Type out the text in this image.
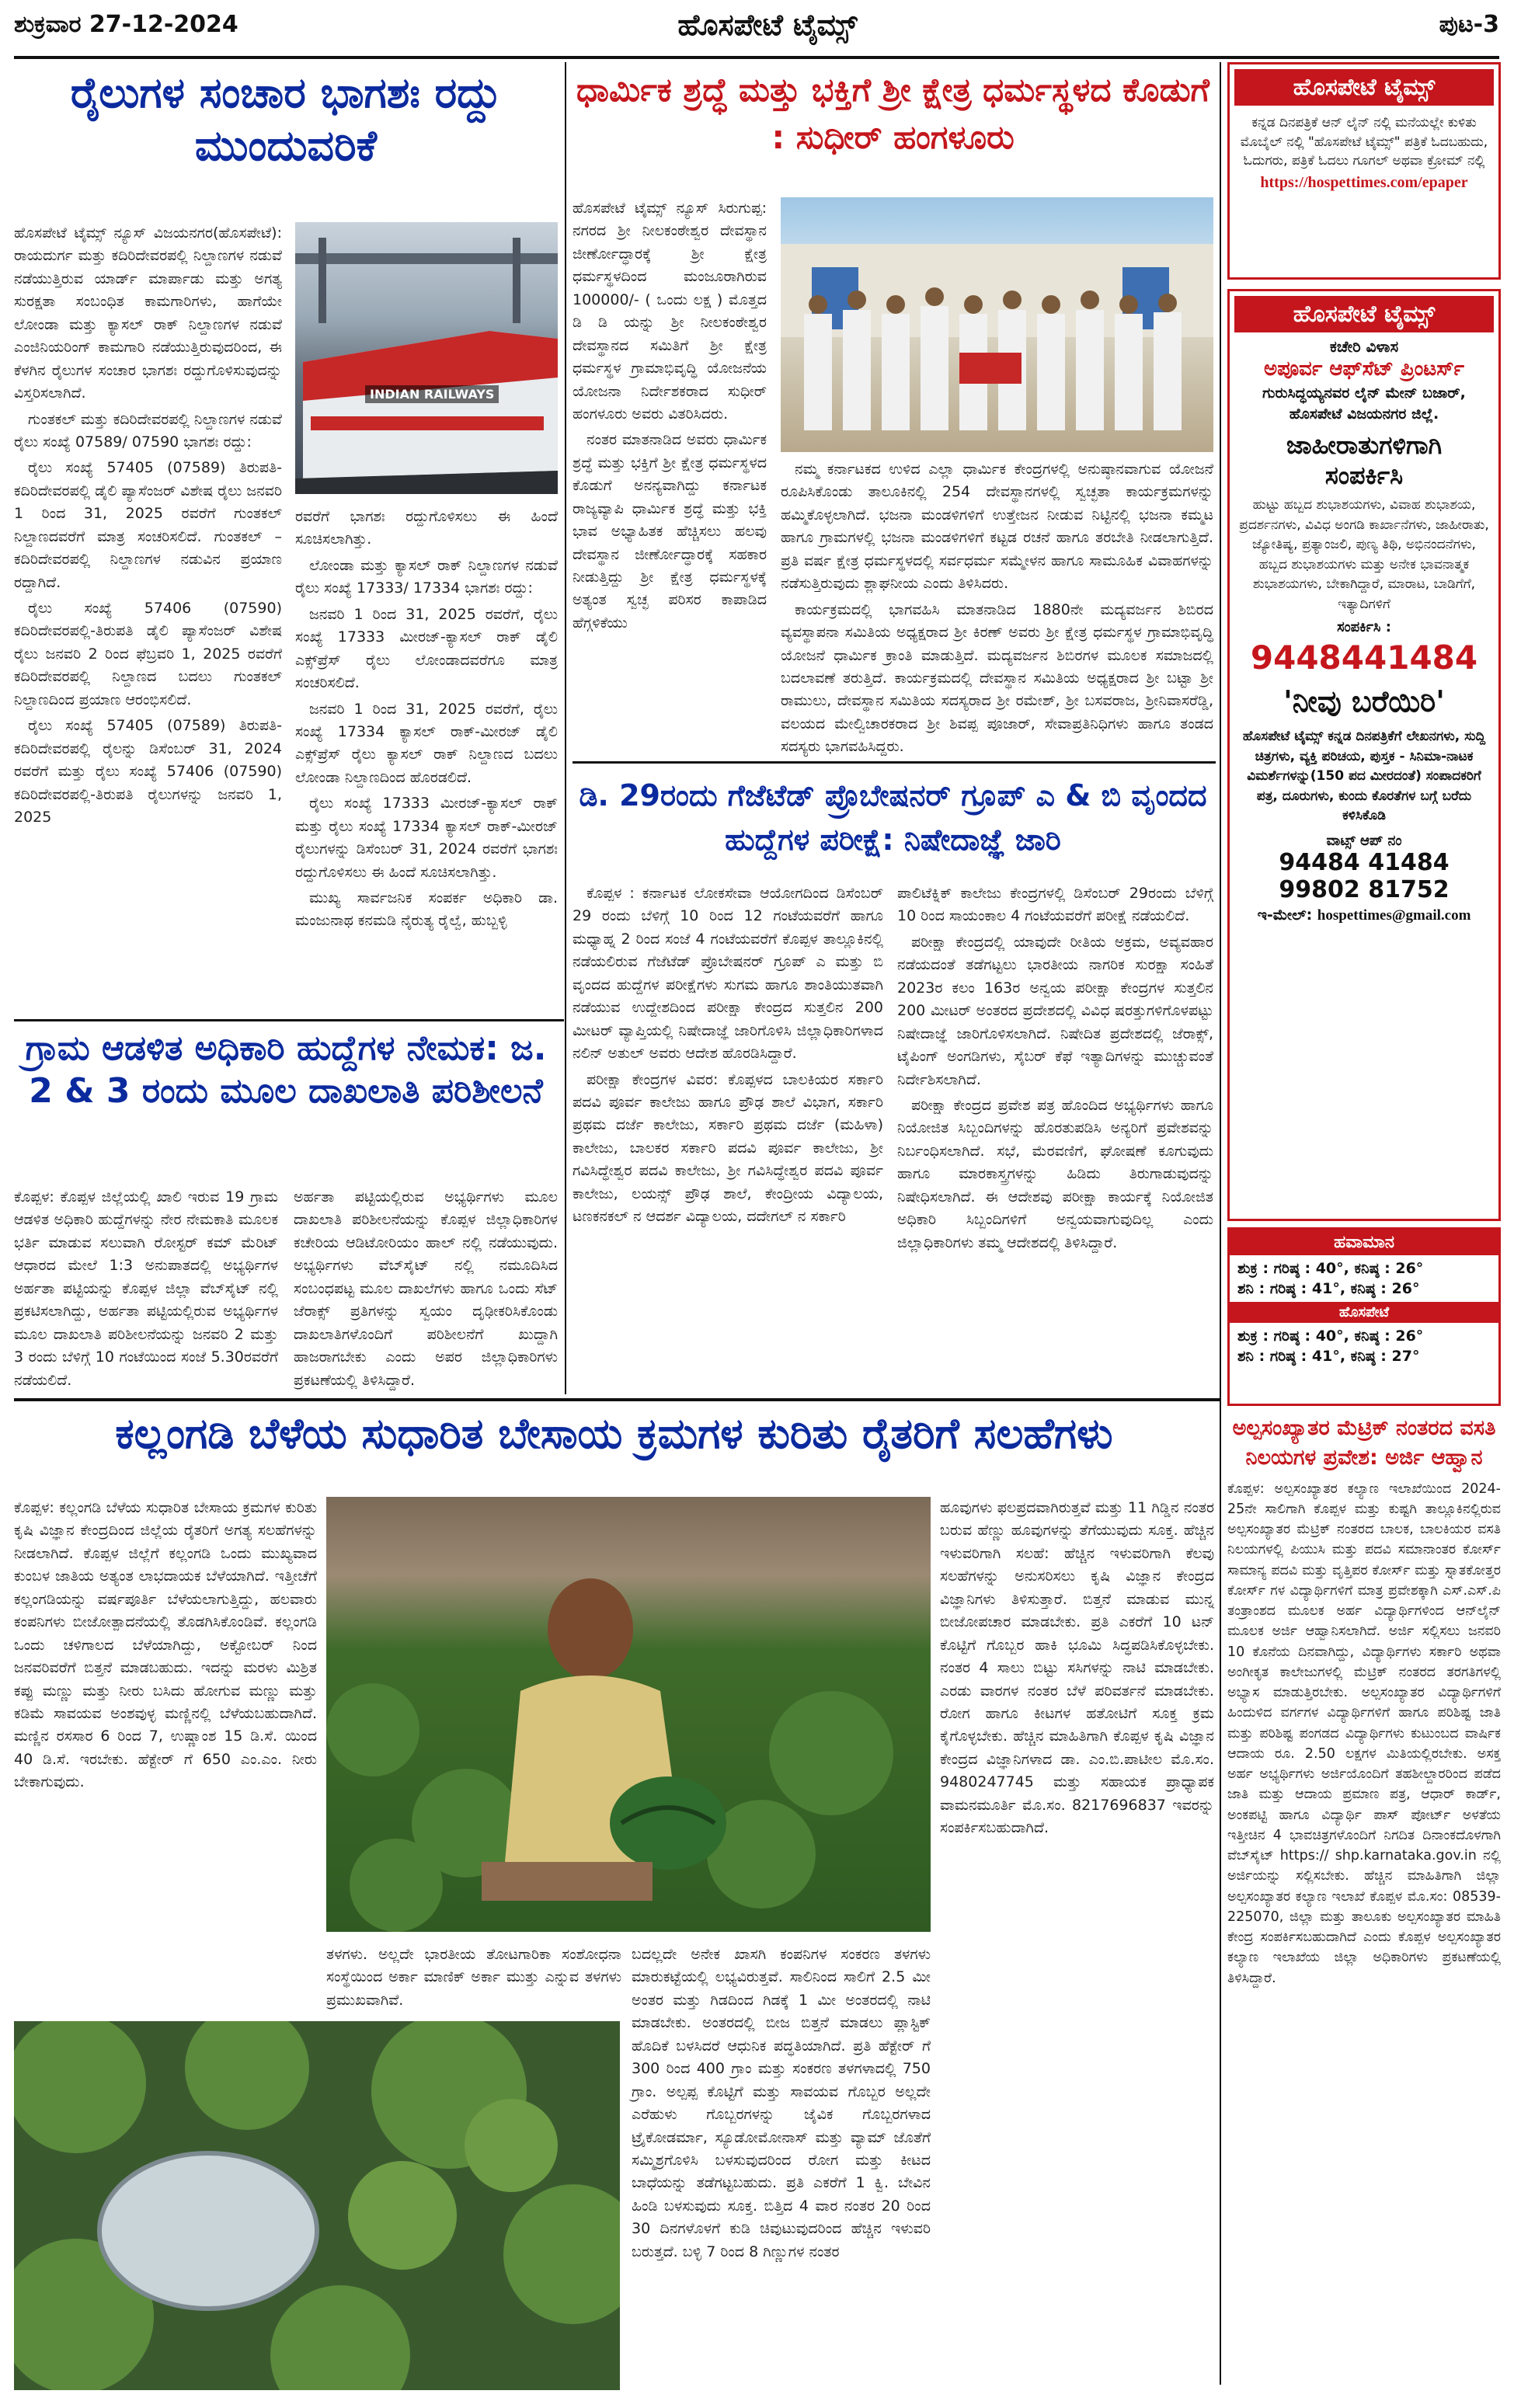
ಶುಕ್ರವಾರ 27-12-2024	ಹೊಸಪೇಟೆ ಟೈಮ್ಸ್	ಪುಟ-3
ರೈಲುಗಳ ಸಂಚಾರ ಭಾಗಶಃ ರದ್ದು ಮುಂದುವರಿಕೆ

ಹೊಸಪೇಟೆ ಟೈಮ್ಸ್ ನ್ಯೂಸ್ ವಿಜಯನಗರ(ಹೊಸಪೇಟೆ): ರಾಯದುರ್ಗ ಮತ್ತು ಕದಿರಿದೇವರಪಲ್ಲಿ ನಿಲ್ದಾಣಗಳ ನಡುವೆ ನಡೆಯುತ್ತಿರುವ ಯಾರ್ಡ್ ಮಾರ್ಪಾಡು ಮತ್ತು ಅಗತ್ಯ ಸುರಕ್ಷತಾ ಸಂಬಂಧಿತ ಕಾಮಗಾರಿಗಳು, ಹಾಗೆಯೇ ಲೋಂಡಾ ಮತ್ತು ಕ್ಯಾಸಲ್ ರಾಕ್ ನಿಲ್ದಾಣಗಳ ನಡುವೆ ಎಂಜಿನಿಯರಿಂಗ್ ಕಾಮಗಾರಿ ನಡೆಯುತ್ತಿರುವುದರಿಂದ, ಈ ಕೆಳಗಿನ ರೈಲುಗಳ ಸಂಚಾರ ಭಾಗಶಃ ರದ್ದುಗೊಳಿಸುವುದನ್ನು ವಿಸ್ತರಿಸಲಾಗಿದೆ.

ಗುಂತಕಲ್ ಮತ್ತು ಕದಿರಿದೇವರಪಲ್ಲಿ ನಿಲ್ದಾಣಗಳ ನಡುವೆ ರೈಲು ಸಂಖ್ಯೆ 07589/ 07590 ಭಾಗಶಃ ರದ್ದು:

ರೈಲು ಸಂಖ್ಯೆ 57405 (07589) ತಿರುಪತಿ-ಕದಿರಿದೇವರಪಲ್ಲಿ ಡೈಲಿ ಪ್ಯಾಸೆಂಜರ್ ವಿಶೇಷ ರೈಲು ಜನವರಿ 1 ರಿಂದ 31, 2025 ರವರೆಗೆ ಗುಂತಕಲ್ ನಿಲ್ದಾಣದವರೆಗೆ ಮಾತ್ರ ಸಂಚರಿಸಲಿದೆ. ಗುಂತಕಲ್ – ಕದಿರಿದೇವರಪಲ್ಲಿ ನಿಲ್ದಾಣಗಳ ನಡುವಿನ ಪ್ರಯಾಣ ರದ್ದಾಗಿದೆ.

ರೈಲು ಸಂಖ್ಯೆ 57406 (07590) ಕದಿರಿದೇವರಪಲ್ಲಿ-ತಿರುಪತಿ ಡೈಲಿ ಪ್ಯಾಸೆಂಜರ್ ವಿಶೇಷ ರೈಲು ಜನವರಿ 2 ರಿಂದ ಫೆಬ್ರವರಿ 1, 2025 ರವರೆಗೆ ಕದಿರಿದೇವರಪಲ್ಲಿ ನಿಲ್ದಾಣದ ಬದಲು ಗುಂತಕಲ್ ನಿಲ್ದಾಣದಿಂದ ಪ್ರಯಾಣ ಆರಂಭಿಸಲಿದೆ.

ರೈಲು ಸಂಖ್ಯೆ 57405 (07589) ತಿರುಪತಿ-ಕದಿರಿದೇವರಪಲ್ಲಿ ರೈಲನ್ನು ಡಿಸೆಂಬರ್ 31, 2024 ರವರೆಗೆ ಮತ್ತು ರೈಲು ಸಂಖ್ಯೆ 57406 (07590) ಕದಿರಿದೇವರಪಲ್ಲಿ-ತಿರುಪತಿ ರೈಲುಗಳನ್ನು ಜನವರಿ 1, 2025

INDIAN RAILWAYS

ರವರೆಗೆ ಭಾಗಶಃ ರದ್ದುಗೊಳಿಸಲು ಈ ಹಿಂದೆ ಸೂಚಿಸಲಾಗಿತ್ತು.

ಲೋಂಡಾ ಮತ್ತು ಕ್ಯಾಸಲ್ ರಾಕ್ ನಿಲ್ದಾಣಗಳ ನಡುವೆ ರೈಲು ಸಂಖ್ಯೆ 17333/ 17334 ಭಾಗಶಃ ರದ್ದು:

ಜನವರಿ 1 ರಿಂದ 31, 2025 ರವರೆಗೆ, ರೈಲು ಸಂಖ್ಯೆ 17333 ಮೀರಜ್-ಕ್ಯಾಸಲ್ ರಾಕ್ ಡೈಲಿ ಎಕ್ಸ್‌ಪ್ರೆಸ್ ರೈಲು ಲೋಂಡಾದವರೆಗೂ ಮಾತ್ರ ಸಂಚರಿಸಲಿದೆ.

ಜನವರಿ 1 ರಿಂದ 31, 2025 ರವರೆಗೆ, ರೈಲು ಸಂಖ್ಯೆ 17334 ಕ್ಯಾಸಲ್ ರಾಕ್-ಮೀರಜ್ ಡೈಲಿ ಎಕ್ಸ್‌ಪ್ರೆಸ್ ರೈಲು ಕ್ಯಾಸಲ್ ರಾಕ್ ನಿಲ್ದಾಣದ ಬದಲು ಲೋಂಡಾ ನಿಲ್ದಾಣದಿಂದ ಹೊರಡಲಿದೆ.

ರೈಲು ಸಂಖ್ಯೆ 17333 ಮೀರಜ್-ಕ್ಯಾಸಲ್ ರಾಕ್ ಮತ್ತು ರೈಲು ಸಂಖ್ಯೆ 17334 ಕ್ಯಾಸಲ್ ರಾಕ್-ಮೀರಜ್ ರೈಲುಗಳನ್ನು ಡಿಸೆಂಬರ್ 31, 2024 ರವರೆಗೆ ಭಾಗಶಃ ರದ್ದುಗೊಳಿಸಲು ಈ ಹಿಂದೆ ಸೂಚಿಸಲಾಗಿತ್ತು.

ಮುಖ್ಯ ಸಾರ್ವಜನಿಕ ಸಂಪರ್ಕ ಅಧಿಕಾರಿ ಡಾ. ಮಂಜುನಾಥ ಕನಮಡಿ ನೈರುತ್ಯ ರೈಲ್ವೆ, ಹುಬ್ಬಳ್ಳಿ

ಗ್ರಾಮ ಆಡಳಿತ ಅಧಿಕಾರಿ ಹುದ್ದೆಗಳ ನೇಮಕ: ಜ. 2 & 3 ರಂದು ಮೂಲ ದಾಖಲಾತಿ ಪರಿಶೀಲನೆ
ಕೊಪ್ಪಳ: ಕೊಪ್ಪಳ ಜಿಲ್ಲೆಯಲ್ಲಿ ಖಾಲಿ ಇರುವ 19 ಗ್ರಾಮ ಆಡಳಿತ ಅಧಿಕಾರಿ ಹುದ್ದೆಗಳನ್ನು ನೇರ ನೇಮಕಾತಿ ಮೂಲಕ ಭರ್ತಿ ಮಾಡುವ ಸಲುವಾಗಿ ರೋಸ್ಟರ್ ಕಮ್ ಮೆರಿಟ್ ಆಧಾರದ ಮೇಲೆ 1:3 ಅನುಪಾತದಲ್ಲಿ ಅಭ್ಯರ್ಥಿಗಳ ಅರ್ಹತಾ ಪಟ್ಟಿಯನ್ನು ಕೊಪ್ಪಳ ಜಿಲ್ಲಾ ವೆಬ್‌ಸೈಟ್ ನಲ್ಲಿ ಪ್ರಕಟಿಸಲಾಗಿದ್ದು, ಅರ್ಹತಾ ಪಟ್ಟಿಯಲ್ಲಿರುವ ಅಭ್ಯರ್ಥಿಗಳ ಮೂಲ ದಾಖಲಾತಿ ಪರಿಶೀಲನೆಯನ್ನು ಜನವರಿ 2 ಮತ್ತು 3 ರಂದು ಬೆಳಿಗ್ಗೆ 10 ಗಂಟೆಯಿಂದ ಸಂಜೆ 5.30ರವರೆಗೆ ನಡೆಯಲಿದೆ.
ಅರ್ಹತಾ ಪಟ್ಟಿಯಲ್ಲಿರುವ ಅಭ್ಯರ್ಥಿಗಳು ಮೂಲ ದಾಖಲಾತಿ ಪರಿಶೀಲನೆಯನ್ನು ಕೊಪ್ಪಳ ಜಿಲ್ಲಾಧಿಕಾರಿಗಳ ಕಚೇರಿಯ ಆಡಿಟೋರಿಯಂ ಹಾಲ್ ನಲ್ಲಿ ನಡೆಯುವುದು. ಅಭ್ಯರ್ಥಿಗಳು ವೆಬ್‌ಸೈಟ್ ನಲ್ಲಿ ನಮೂದಿಸಿದ ಸಂಬಂಧಪಟ್ಟ ಮೂಲ ದಾಖಲೆಗಳು ಹಾಗೂ ಒಂದು ಸೆಟ್ ಜೆರಾಕ್ಸ್ ಪ್ರತಿಗಳನ್ನು ಸ್ವಯಂ ದೃಢೀಕರಿಸಿಕೊಂಡು ದಾಖಲಾತಿಗಳೊಂದಿಗೆ ಪರಿಶೀಲನೆಗೆ ಖುದ್ದಾಗಿ ಹಾಜರಾಗಬೇಕು ಎಂದು ಅಪರ ಜಿಲ್ಲಾಧಿಕಾರಿಗಳು ಪ್ರಕಟಣೆಯಲ್ಲಿ ತಿಳಿಸಿದ್ದಾರೆ.
ಧಾರ್ಮಿಕ ಶ್ರದ್ಧೆ ಮತ್ತು ಭಕ್ತಿಗೆ ಶ್ರೀ ಕ್ಷೇತ್ರ ಧರ್ಮಸ್ಥಳದ ಕೊಡುಗೆ : ಸುಧೀರ್ ಹಂಗಳೂರು

ಹೊಸಪೇಟೆ ಟೈಮ್ಸ್ ನ್ಯೂಸ್ ಸಿರುಗುಪ್ಪ: ನಗರದ ಶ್ರೀ ನೀಲಕಂಠೇಶ್ವರ ದೇವಸ್ಥಾನ ಜೀರ್ಣೋದ್ಧಾರಕ್ಕೆ ಶ್ರೀ ಕ್ಷೇತ್ರ ಧರ್ಮಸ್ಥಳದಿಂದ ಮಂಜೂರಾಗಿರುವ 100000/- ( ಒಂದು ಲಕ್ಷ ) ಮೊತ್ತದ ಡಿ ಡಿ ಯನ್ನು ಶ್ರೀ ನೀಲಕಂಠೇಶ್ವರ ದೇವಸ್ಥಾನದ ಸಮಿತಿಗೆ ಶ್ರೀ ಕ್ಷೇತ್ರ ಧರ್ಮಸ್ಥಳ ಗ್ರಾಮಾಭಿವೃದ್ಧಿ ಯೋಜನೆಯ ಯೋಜನಾ ನಿರ್ದೇಶಕರಾದ ಸುಧೀರ್ ಹಂಗಳೂರು ಅವರು ವಿತರಿಸಿದರು.

ನಂತರ ಮಾತನಾಡಿದ ಅವರು ಧಾರ್ಮಿಕ ಶ್ರದ್ಧೆ ಮತ್ತು ಭಕ್ತಿಗೆ ಶ್ರೀ ಕ್ಷೇತ್ರ ಧರ್ಮಸ್ಥಳದ ಕೊಡುಗೆ ಅನನ್ಯವಾಗಿದ್ದು ಕರ್ನಾಟಕ ರಾಜ್ಯವ್ಯಾಪಿ ಧಾರ್ಮಿಕ ಶ್ರದ್ಧೆ ಮತ್ತು ಭಕ್ತಿ ಭಾವ ಅಭ್ಯಾಹಿತಕ ಹೆಚ್ಚಿಸಲು ಹಲವು ದೇವಸ್ಥಾನ ಜೀರ್ಣೋದ್ಧಾರಕ್ಕೆ ಸಹಕಾರ ನೀಡುತ್ತಿದ್ದು ಶ್ರೀ ಕ್ಷೇತ್ರ ಧರ್ಮಸ್ಥಳಕ್ಕೆ ಅತ್ಯಂತ ಸ್ವಚ್ಛ ಪರಿಸರ ಕಾಪಾಡಿದ ಹೆಗ್ಗಳಿಕೆಯು

ನಮ್ಮ ಕರ್ನಾಟಕದ ಉಳಿದ ಎಲ್ಲಾ ಧಾರ್ಮಿಕ ಕೇಂದ್ರಗಳಲ್ಲಿ ಅನುಷ್ಠಾನವಾಗುವ ಯೋಜನೆ ರೂಪಿಸಿಕೊಂಡು ತಾಲೂಕಿನಲ್ಲಿ 254 ದೇವಸ್ಥಾನಗಳಲ್ಲಿ ಸ್ವಚ್ಛತಾ ಕಾರ್ಯಕ್ರಮಗಳನ್ನು ಹಮ್ಮಿಕೊಳ್ಳಲಾಗಿದೆ. ಭಜನಾ ಮಂಡಳಿಗಳಿಗೆ ಉತ್ತೇಜನ ನೀಡುವ ನಿಟ್ಟಿನಲ್ಲಿ ಭಜನಾ ಕಮ್ಮಟ ಹಾಗೂ ಗ್ರಾಮಗಳಲ್ಲಿ ಭಜನಾ ಮಂಡಳಿಗಳಿಗೆ ಕಟ್ಟಡ ರಚನೆ ಹಾಗೂ ತರಬೇತಿ ನೀಡಲಾಗುತ್ತಿದೆ. ಪ್ರತಿ ವರ್ಷ ಕ್ಷೇತ್ರ ಧರ್ಮಸ್ಥಳದಲ್ಲಿ ಸರ್ವಧರ್ಮ ಸಮ್ಮೇಳನ ಹಾಗೂ ಸಾಮೂಹಿಕ ವಿವಾಹಗಳನ್ನು ನಡೆಸುತ್ತಿರುವುದು ಶ್ಲಾಘನೀಯ ಎಂದು ತಿಳಿಸಿದರು.

ಕಾರ್ಯಕ್ರಮದಲ್ಲಿ ಭಾಗವಹಿಸಿ ಮಾತನಾಡಿದ 1880ನೇ ಮದ್ಯವರ್ಜನ ಶಿಬಿರದ ವ್ಯವಸ್ಥಾಪನಾ ಸಮಿತಿಯ ಅಧ್ಯಕ್ಷರಾದ ಶ್ರೀ ಕಿರಣ್ ಅವರು ಶ್ರೀ ಕ್ಷೇತ್ರ ಧರ್ಮಸ್ಥಳ ಗ್ರಾಮಾಭಿವೃದ್ಧಿ ಯೋಜನೆ ಧಾರ್ಮಿಕ ಕ್ರಾಂತಿ ಮಾಡುತ್ತಿದೆ. ಮದ್ಯವರ್ಜನ ಶಿಬಿರಗಳ ಮೂಲಕ ಸಮಾಜದಲ್ಲಿ ಬದಲಾವಣೆ ತರುತ್ತಿದೆ. ಕಾರ್ಯಕ್ರಮದಲ್ಲಿ ದೇವಸ್ಥಾನ ಸಮಿತಿಯ ಅಧ್ಯಕ್ಷರಾದ ಶ್ರೀ ಬಟ್ಟಾ ಶ್ರೀ ರಾಮುಲು, ದೇವಸ್ಥಾನ ಸಮಿತಿಯ ಸದಸ್ಯರಾದ ಶ್ರೀ ರಮೇಶ್, ಶ್ರೀ ಬಸವರಾಜ, ಶ್ರೀನಿವಾಸರೆಡ್ಡಿ, ವಲಯದ ಮೇಲ್ವಿಚಾರಕರಾದ ಶ್ರೀ ಶಿವಪ್ಪ ಪೂಜಾರ್, ಸೇವಾಪ್ರತಿನಿಧಿಗಳು ಹಾಗೂ ತಂಡದ ಸದಸ್ಯರು ಭಾಗವಹಿಸಿದ್ದರು.

ಡಿ. 29ರಂದು ಗೆಜೆಟೆಡ್ ಪ್ರೊಬೇಷನರ್ ಗ್ರೂಪ್ ಎ & ಬಿ ವೃಂದದ ಹುದ್ದೆಗಳ ಪರೀಕ್ಷೆ: ನಿಷೇದಾಜ್ಞೆ ಜಾರಿ

ಕೊಪ್ಪಳ : ಕರ್ನಾಟಕ ಲೋಕಸೇವಾ ಆಯೋಗದಿಂದ ಡಿಸೆಂಬರ್ 29 ರಂದು ಬೆಳಿಗ್ಗೆ 10 ರಿಂದ 12 ಗಂಟೆಯವರೆಗೆ ಹಾಗೂ ಮಧ್ಯಾಹ್ನ 2 ರಿಂದ ಸಂಜೆ 4 ಗಂಟೆಯವರೆಗೆ ಕೊಪ್ಪಳ ತಾಲ್ಲೂಕಿನಲ್ಲಿ ನಡೆಯಲಿರುವ ಗೆಜೆಟೆಡ್ ಪ್ರೊಬೇಷನರ್ ಗ್ರೂಪ್ ಎ ಮತ್ತು ಬಿ ವೃಂದದ ಹುದ್ದೆಗಳ ಪರೀಕ್ಷೆಗಳು ಸುಗಮ ಹಾಗೂ ಶಾಂತಿಯುತವಾಗಿ ನಡೆಯುವ ಉದ್ದೇಶದಿಂದ ಪರೀಕ್ಷಾ ಕೇಂದ್ರದ ಸುತ್ತಲಿನ 200 ಮೀಟರ್ ವ್ಯಾಪ್ತಿಯಲ್ಲಿ ನಿಷೇದಾಜ್ಞೆ ಜಾರಿಗೊಳಿಸಿ ಜಿಲ್ಲಾಧಿಕಾರಿಗಳಾದ ನಲಿನ್ ಅತುಲ್ ಅವರು ಆದೇಶ ಹೊರಡಿಸಿದ್ದಾರೆ.

ಪರೀಕ್ಷಾ ಕೇಂದ್ರಗಳ ವಿವರ: ಕೊಪ್ಪಳದ ಬಾಲಕಿಯರ ಸರ್ಕಾರಿ ಪದವಿ ಪೂರ್ವ ಕಾಲೇಜು ಹಾಗೂ ಪ್ರೌಢ ಶಾಲೆ ವಿಭಾಗ, ಸರ್ಕಾರಿ ಪ್ರಥಮ ದರ್ಜೆ ಕಾಲೇಜು, ಸರ್ಕಾರಿ ಪ್ರಥಮ ದರ್ಜೆ (ಮಹಿಳಾ) ಕಾಲೇಜು, ಬಾಲಕರ ಸರ್ಕಾರಿ ಪದವಿ ಪೂರ್ವ ಕಾಲೇಜು, ಶ್ರೀ ಗವಿಸಿದ್ಧೇಶ್ವರ ಪದವಿ ಕಾಲೇಜು, ಶ್ರೀ ಗವಿಸಿದ್ಧೇಶ್ವರ ಪದವಿ ಪೂರ್ವ ಕಾಲೇಜು, ಲಯನ್ಸ್ ಪ್ರೌಢ ಶಾಲೆ, ಕೇಂದ್ರೀಯ ವಿದ್ಯಾಲಯ, ಟಣಕನಕಲ್ ನ ಆದರ್ಶ ವಿದ್ಯಾಲಯ, ದದೇಗಲ್ ನ ಸರ್ಕಾರಿ

ಪಾಲಿಟೆಕ್ನಿಕ್ ಕಾಲೇಜು ಕೇಂದ್ರಗಳಲ್ಲಿ ಡಿಸೆಂಬರ್ 29ರಂದು ಬೆಳಿಗ್ಗೆ 10 ರಿಂದ ಸಾಯಂಕಾಲ 4 ಗಂಟೆಯವರೆಗೆ ಪರೀಕ್ಷೆ ನಡೆಯಲಿದೆ.

ಪರೀಕ್ಷಾ ಕೇಂದ್ರದಲ್ಲಿ ಯಾವುದೇ ರೀತಿಯ ಅಕ್ರಮ, ಅವ್ಯವಹಾರ ನಡೆಯದಂತೆ ತಡೆಗಟ್ಟಲು ಭಾರತೀಯ ನಾಗರಿಕ ಸುರಕ್ಷಾ ಸಂಹಿತೆ 2023ರ ಕಲಂ 163ರ ಅನ್ವಯ ಪರೀಕ್ಷಾ ಕೇಂದ್ರಗಳ ಸುತ್ತಲಿನ 200 ಮೀಟರ್ ಅಂತರದ ಪ್ರದೇಶದಲ್ಲಿ ವಿವಿಧ ಷರತ್ತುಗಳಿಗೊಳಪಟ್ಟು ನಿಷೇದಾಜ್ಞೆ ಜಾರಿಗೊಳಿಸಲಾಗಿದೆ. ನಿಷೇದಿತ ಪ್ರದೇಶದಲ್ಲಿ ಜೆರಾಕ್ಸ್, ಟೈಪಿಂಗ್ ಅಂಗಡಿಗಳು, ಸೈಬರ್ ಕೆಫೆ ಇತ್ಯಾದಿಗಳನ್ನು ಮುಚ್ಚುವಂತೆ ನಿರ್ದೇಶಿಸಲಾಗಿದೆ.

ಪರೀಕ್ಷಾ ಕೇಂದ್ರದ ಪ್ರವೇಶ ಪತ್ರ ಹೊಂದಿದ ಅಭ್ಯರ್ಥಿಗಳು ಹಾಗೂ ನಿಯೋಜಿತ ಸಿಬ್ಬಂದಿಗಳನ್ನು ಹೊರತುಪಡಿಸಿ ಅನ್ಯರಿಗೆ ಪ್ರವೇಶವನ್ನು ನಿರ್ಬಂಧಿಸಲಾಗಿದೆ. ಸಭೆ, ಮೆರವಣಿಗೆ, ಘೋಷಣೆ ಕೂಗುವುದು ಹಾಗೂ ಮಾರಕಾಸ್ತ್ರಗಳನ್ನು ಹಿಡಿದು ತಿರುಗಾಡುವುದನ್ನು ನಿಷೇಧಿಸಲಾಗಿದೆ. ಈ ಆದೇಶವು ಪರೀಕ್ಷಾ ಕಾರ್ಯಕ್ಕೆ ನಿಯೋಜಿತ ಅಧಿಕಾರಿ ಸಿಬ್ಬಂದಿಗಳಿಗೆ ಅನ್ವಯವಾಗುವುದಿಲ್ಲ ಎಂದು ಜಿಲ್ಲಾಧಿಕಾರಿಗಳು ತಮ್ಮ ಆದೇಶದಲ್ಲಿ ತಿಳಿಸಿದ್ದಾರೆ.

ಕಲ್ಲಂಗಡಿ ಬೆಳೆಯ ಸುಧಾರಿತ ಬೇಸಾಯ ಕ್ರಮಗಳ ಕುರಿತು ರೈತರಿಗೆ ಸಲಹೆಗಳು
ಕೊಪ್ಪಳ: ಕಲ್ಲಂಗಡಿ ಬೆಳೆಯ ಸುಧಾರಿತ ಬೇಸಾಯ ಕ್ರಮಗಳ ಕುರಿತು ಕೃಷಿ ವಿಜ್ಞಾನ ಕೇಂದ್ರದಿಂದ ಜಿಲ್ಲೆಯ ರೈತರಿಗೆ ಅಗತ್ಯ ಸಲಹೆಗಳನ್ನು ನೀಡಲಾಗಿದೆ. ಕೊಪ್ಪಳ ಜಿಲ್ಲೆಗೆ ಕಲ್ಲಂಗಡಿ ಒಂದು ಮುಖ್ಯವಾದ ಕುಂಬಳ ಜಾತಿಯ ಅತ್ಯಂತ ಲಾಭದಾಯಕ ಬೆಳೆಯಾಗಿದೆ. ಇತ್ತೀಚೆಗೆ ಕಲ್ಲಂಗಡಿಯನ್ನು ವರ್ಷಪೂರ್ತಿ ಬೆಳೆಯಲಾಗುತ್ತಿದ್ದು, ಹಲವಾರು ಕಂಪನಿಗಳು ಬೀಜೋತ್ಪಾದನೆಯಲ್ಲಿ ತೊಡಗಿಸಿಕೊಂಡಿವೆ. ಕಲ್ಲಂಗಡಿ ಒಂದು ಚಳಿಗಾಲದ ಬೆಳೆಯಾಗಿದ್ದು, ಅಕ್ಟೋಬರ್ ನಿಂದ ಜನವರಿವರೆಗೆ ಬಿತ್ತನೆ ಮಾಡಬಹುದು. ಇದನ್ನು ಮರಳು ಮಿಶ್ರಿತ ಕಪ್ಪು ಮಣ್ಣು ಮತ್ತು ನೀರು ಬಸಿದು ಹೋಗುವ ಮಣ್ಣು ಮತ್ತು ಕಡಿಮೆ ಸಾವಯವ ಅಂಶವುಳ್ಳ ಮಣ್ಣಿನಲ್ಲಿ ಬೆಳೆಯಬಹುದಾಗಿದೆ. ಮಣ್ಣಿನ ರಸಸಾರ 6 ರಿಂದ 7, ಉಷ್ಣಾಂಶ 15 ಡಿ.ಸೆ. ಯಿಂದ 40 ಡಿ.ಸೆ. ಇರಬೇಕು. ಹೆಕ್ಟೇರ್ ಗೆ 650 ಎಂ.ಎಂ. ನೀರು ಬೇಕಾಗುವುದು.
ಹೂವುಗಳು ಫಲಪ್ರದವಾಗಿರುತ್ತವೆ ಮತ್ತು 11 ಗಿಡ್ಡಿನ ನಂತರ ಬರುವ ಹೆಣ್ಣು ಹೂವುಗಳನ್ನು ತೆಗೆಯುವುದು ಸೂಕ್ತ. ಹೆಚ್ಚಿನ ಇಳುವರಿಗಾಗಿ ಸಲಹೆ: ಹೆಚ್ಚಿನ ಇಳುವರಿಗಾಗಿ ಕೆಲವು ಸಲಹೆಗಳನ್ನು ಅನುಸರಿಸಲು ಕೃಷಿ ವಿಜ್ಞಾನ ಕೇಂದ್ರದ ವಿಜ್ಞಾನಿಗಳು ತಿಳಿಸುತ್ತಾರೆ. ಬಿತ್ತನೆ ಮಾಡುವ ಮುನ್ನ ಬೀಜೋಪಚಾರ ಮಾಡಬೇಕು. ಪ್ರತಿ ಎಕರೆಗೆ 10 ಟನ್ ಕೊಟ್ಟಿಗೆ ಗೊಬ್ಬರ ಹಾಕಿ ಭೂಮಿ ಸಿದ್ಧಪಡಿಸಿಕೊಳ್ಳಬೇಕು. ನಂತರ 4 ಸಾಲು ಬಿಟ್ಟು ಸಸಿಗಳನ್ನು ನಾಟಿ ಮಾಡಬೇಕು. ಎರಡು ವಾರಗಳ ನಂತರ ಬೆಳೆ ಪರಿವರ್ತನೆ ಮಾಡಬೇಕು. ರೋಗ ಹಾಗೂ ಕೀಟಗಳ ಹತೋಟಿಗೆ ಸೂಕ್ತ ಕ್ರಮ ಕೈಗೊಳ್ಳಬೇಕು. ಹೆಚ್ಚಿನ ಮಾಹಿತಿಗಾಗಿ ಕೊಪ್ಪಳ ಕೃಷಿ ವಿಜ್ಞಾನ ಕೇಂದ್ರದ ವಿಜ್ಞಾನಿಗಳಾದ ಡಾ. ಎಂ.ಬಿ.ಪಾಟೀಲ ಮೊ.ಸಂ. 9480247745 ಮತ್ತು ಸಹಾಯಕ ಪ್ರಾಧ್ಯಾಪಕ ವಾಮನಮೂರ್ತಿ ಮೊ.ಸಂ. 8217696837 ಇವರನ್ನು ಸಂಪರ್ಕಿಸಬಹುದಾಗಿದೆ.
ತಳಗಳು. ಅಲ್ಲದೇ ಭಾರತೀಯ ತೋಟಗಾರಿಕಾ ಸಂಶೋಧನಾ ಸಂಸ್ಥೆಯಿಂದ ಅರ್ಕಾ ಮಾಣಿಕ್ ಅರ್ಕಾ ಮುತ್ತು ಎನ್ನುವ ತಳಗಳು ಪ್ರಮುಖವಾಗಿವೆ.
ಬದಲ್ಲದೇ ಅನೇಕ ಖಾಸಗಿ ಕಂಪನಿಗಳ ಸಂಕರಣ ತಳಗಳು ಮಾರುಕಟ್ಟೆಯಲ್ಲಿ ಲಭ್ಯವಿರುತ್ತವೆ. ಸಾಲಿನಿಂದ ಸಾಲಿಗೆ 2.5 ಮೀ ಅಂತರ ಮತ್ತು ಗಿಡದಿಂದ ಗಿಡಕ್ಕೆ 1 ಮೀ ಅಂತರದಲ್ಲಿ ನಾಟಿ ಮಾಡಬೇಕು. ಅಂತರದಲ್ಲಿ ಬೀಜ ಬಿತ್ತನೆ ಮಾಡಲು ಪ್ಲಾಸ್ಟಿಕ್ ಹೊದಿಕೆ ಬಳಸಿದರೆ ಆಧುನಿಕ ಪದ್ಧತಿಯಾಗಿದೆ. ಪ್ರತಿ ಹೆಕ್ಟೇರ್ ಗೆ 300 ರಿಂದ 400 ಗ್ರಾಂ ಮತ್ತು ಸಂಕರಣ ತಳಗಳಾದಲ್ಲಿ 750 ಗ್ರಾಂ. ಅಲ್ಪಪ್ಪ ಕೊಟ್ಟಿಗೆ ಮತ್ತು ಸಾವಯವ ಗೊಬ್ಬರ ಅಲ್ಲದೇ ಎರೆಹುಳು ಗೊಬ್ಬರಗಳನ್ನು ಜೈವಿಕ ಗೊಬ್ಬರಗಳಾದ ಟ್ರೈಕೋಡರ್ಮಾ, ಸ್ಯೂಡೋಮೋನಾಸ್ ಮತ್ತು ವ್ಯಾಮ್ ಜೊತೆಗೆ ಸಮ್ಮಿಶ್ರಗೊಳಿಸಿ ಬಳಸುವುದರಿಂದ ರೋಗ ಮತ್ತು ಕೀಟದ ಬಾಧೆಯನ್ನು ತಡೆಗಟ್ಟಬಹುದು. ಪ್ರತಿ ಎಕರೆಗೆ 1 ಕ್ವಿ. ಬೇವಿನ ಹಿಂಡಿ ಬಳಸುವುದು ಸೂಕ್ತ. ಬಿತ್ತಿದ 4 ವಾರ ನಂತರ 20 ರಿಂದ 30 ದಿನಗಳೊಳಗೆ ಕುಡಿ ಚಿವುಟುವುದರಿಂದ ಹೆಚ್ಚಿನ ಇಳುವರಿ ಬರುತ್ತದೆ. ಬಳ್ಳಿ 7 ರಿಂದ 8 ಗಿಣ್ಣುಗಳ ನಂತರ
ಹೊಸಪೇಟೆ ಟೈಮ್ಸ್
ಕನ್ನಡ ದಿನಪತ್ರಿಕೆ ಆನ್ ಲೈನ್ ನಲ್ಲಿ ಮನೆಯಲ್ಲೇ ಕುಳಿತು ಮೊಬೈಲ್ ನಲ್ಲಿ "ಹೊಸಪೇಟೆ ಟೈಮ್ಸ್" ಪತ್ರಿಕೆ ಓದಬಹುದು, ಓದುಗರು, ಪತ್ರಿಕೆ ಓದಲು ಗೂಗಲ್ ಅಥವಾ ಕ್ರೋಮ್ ನಲ್ಲಿ
https://hospettimes.com/epaper
ಹೊಸಪೇಟೆ ಟೈಮ್ಸ್
ಕಚೇರಿ ವಿಳಾಸ
ಅಪೂರ್ವ ಆಫ್‌ಸೆಟ್ ಪ್ರಿಂಟರ್ಸ್
ಗುರುಸಿದ್ಧಯ್ಯನವರ ಲೈನ್ ಮೇನ್ ಬಜಾರ್, ಹೊಸಪೇಟೆ ವಿಜಯನಗರ ಜಿಲ್ಲೆ.
ಜಾಹೀರಾತುಗಳಿಗಾಗಿ
ಸಂಪರ್ಕಿಸಿ
ಹುಟ್ಟು ಹಬ್ಬದ ಶುಭಾಶಯಗಳು, ವಿವಾಹ ಶುಭಾಶಯ, ಪ್ರದರ್ಶನಗಳು, ವಿವಿಧ ಅಂಗಡಿ ಕಾರ್ಖಾನೆಗಳು, ಜಾಹೀರಾತು, ಜ್ಯೋತಿಷ್ಯ, ಪ್ರತ್ಯಾಂಜಲಿ, ಪುಣ್ಯ ತಿಥಿ, ಅಭಿನಂದನೆಗಳು, ಹಬ್ಬದ ಶುಭಾಶಯಗಳು ಮತ್ತು ಅನೇಕ ಭಾವನಾತ್ಮಕ ಶುಭಾಶಯಗಳು, ಬೇಕಾಗಿದ್ದಾರೆ, ಮಾರಾಟ, ಬಾಡಿಗೆಗೆ, ಇತ್ಯಾದಿಗಳಿಗೆ
ಸಂಪರ್ಕಿಸಿ :
9448441484
'ನೀವು ಬರೆಯಿರಿ'
ಹೊಸಪೇಟೆ ಟೈಮ್ಸ್ ಕನ್ನಡ ದಿನಪತ್ರಿಕೆಗೆ ಲೇಖನಗಳು, ಸುದ್ದಿ ಚಿತ್ರಗಳು, ವ್ಯಕ್ತಿ ಪರಿಚಯ, ಪುಸ್ತಕ - ಸಿನಿಮಾ-ನಾಟಕ ವಿಮರ್ಶೆಗಳನ್ನು(150 ಪದ ಮೀರದಂತೆ) ಸಂಪಾದಕರಿಗೆ ಪತ್ರ, ದೂರುಗಳು, ಕುಂದು ಕೊರತೆಗಳ ಬಗ್ಗೆ ಬರೆದು ಕಳಿಸಿಕೊಡಿ
ವಾಟ್ಸ್ ಆಪ್ ನಂ
94484 41484
99802 81752
ಇ-ಮೇಲ್: hospettimes@gmail.com
ಹವಾಮಾನ
ಶುಕ್ರ : ಗರಿಷ್ಠ : 40°, ಕನಿಷ್ಠ : 26°
ಶನಿ : ಗರಿಷ್ಠ : 41°, ಕನಿಷ್ಠ : 26°
ಹೊಸಪೇಟೆ
ಶುಕ್ರ : ಗರಿಷ್ಠ : 40°, ಕನಿಷ್ಠ : 26°
ಶನಿ : ಗರಿಷ್ಠ : 41°, ಕನಿಷ್ಠ : 27°
ಅಲ್ಪಸಂಖ್ಯಾತರ ಮೆಟ್ರಿಕ್ ನಂತರದ ವಸತಿ ನಿಲಯಗಳ ಪ್ರವೇಶ: ಅರ್ಜಿ ಆಹ್ವಾನ
ಕೊಪ್ಪಳ: ಅಲ್ಪಸಂಖ್ಯಾತರ ಕಲ್ಯಾಣ ಇಲಾಖೆಯಿಂದ 2024-25ನೇ ಸಾಲಿಗಾಗಿ ಕೊಪ್ಪಳ ಮತ್ತು ಕುಷ್ಟಗಿ ತಾಲ್ಲೂಕಿನಲ್ಲಿರುವ ಅಲ್ಪಸಂಖ್ಯಾತರ ಮೆಟ್ರಿಕ್ ನಂತರದ ಬಾಲಕ, ಬಾಲಕಿಯರ ವಸತಿ ನಿಲಯಗಳಲ್ಲಿ ಪಿಯುಸಿ ಮತ್ತು ಪದವಿ ಸಮಾನಾಂತರ ಕೋರ್ಸ್ ಸಾಮಾನ್ಯ ಪದವಿ ಮತ್ತು ವೃತ್ತಿಪರ ಕೋರ್ಸ್ ಮತ್ತು ಸ್ನಾತಕೋತ್ತರ ಕೋರ್ಸ್ ಗಳ ವಿದ್ಯಾರ್ಥಿಗಳಿಗೆ ಮಾತ್ರ ಪ್ರವೇಶಕ್ಕಾಗಿ ಎಸ್.ಎಸ್.ಪಿ ತಂತ್ರಾಂಶದ ಮೂಲಕ ಅರ್ಹ ವಿದ್ಯಾರ್ಥಿಗಳಿಂದ ಆನ್‌ಲೈನ್ ಮೂಲಕ ಅರ್ಜಿ ಆಹ್ವಾನಿಸಲಾಗಿದೆ. ಅರ್ಜಿ ಸಲ್ಲಿಸಲು ಜನವರಿ 10 ಕೊನೆಯ ದಿನವಾಗಿದ್ದು, ವಿದ್ಯಾರ್ಥಿಗಳು ಸರ್ಕಾರಿ ಅಥವಾ ಅಂಗೀಕೃತ ಕಾಲೇಜುಗಳಲ್ಲಿ ಮೆಟ್ರಿಕ್ ನಂತರದ ತರಗತಿಗಳಲ್ಲಿ ಅಭ್ಯಾಸ ಮಾಡುತ್ತಿರಬೇಕು. ಅಲ್ಪಸಂಖ್ಯಾತರ ವಿದ್ಯಾರ್ಥಿಗಳಿಗೆ ಹಿಂದುಳಿದ ವರ್ಗಗಳ ವಿದ್ಯಾರ್ಥಿಗಳಿಗೆ ಹಾಗೂ ಪರಿಶಿಷ್ಟ ಜಾತಿ ಮತ್ತು ಪರಿಶಿಷ್ಟ ಪಂಗಡದ ವಿದ್ಯಾರ್ಥಿಗಳು ಕುಟುಂಬದ ವಾರ್ಷಿಕ ಆದಾಯ ರೂ. 2.50 ಲಕ್ಷಗಳ ಮಿತಿಯಲ್ಲಿರಬೇಕು. ಅಸಕ್ತ ಅರ್ಹ ಅಭ್ಯರ್ಥಿಗಳು ಅರ್ಜಿಯೊಂದಿಗೆ ತಹಶೀಲ್ದಾರರಿಂದ ಪಡೆದ ಜಾತಿ ಮತ್ತು ಆದಾಯ ಪ್ರಮಾಣ ಪತ್ರ, ಆಧಾರ್ ಕಾರ್ಡ್, ಅಂಕಪಟ್ಟಿ ಹಾಗೂ ವಿದ್ಯಾರ್ಥಿ ಪಾಸ್ ಪೋರ್ಟ್ ಅಳತೆಯ ಇತ್ತೀಚಿನ 4 ಭಾವಚಿತ್ರಗಳೊಂದಿಗೆ ನಿಗದಿತ ದಿನಾಂಕದೊಳಗಾಗಿ ವೆಬ್‌ಸೈಟ್ https:// shp.karnataka.gov.in ನಲ್ಲಿ ಅರ್ಜಿಯನ್ನು ಸಲ್ಲಿಸಬೇಕು. ಹೆಚ್ಚಿನ ಮಾಹಿತಿಗಾಗಿ ಜಿಲ್ಲಾ ಅಲ್ಪಸಂಖ್ಯಾತರ ಕಲ್ಯಾಣ ಇಲಾಖೆ ಕೊಪ್ಪಳ ಮೊ.ಸಂ: 08539-225070, ಜಿಲ್ಲಾ ಮತ್ತು ತಾಲೂಕು ಅಲ್ಪಸಂಖ್ಯಾತರ ಮಾಹಿತಿ ಕೇಂದ್ರ ಸಂಪರ್ಕಿಸಬಹುದಾಗಿದೆ ಎಂದು ಕೊಪ್ಪಳ ಅಲ್ಪಸಂಖ್ಯಾತರ ಕಲ್ಯಾಣ ಇಲಾಖೆಯ ಜಿಲ್ಲಾ ಅಧಿಕಾರಿಗಳು ಪ್ರಕಟಣೆಯಲ್ಲಿ ತಿಳಿಸಿದ್ದಾರೆ.
